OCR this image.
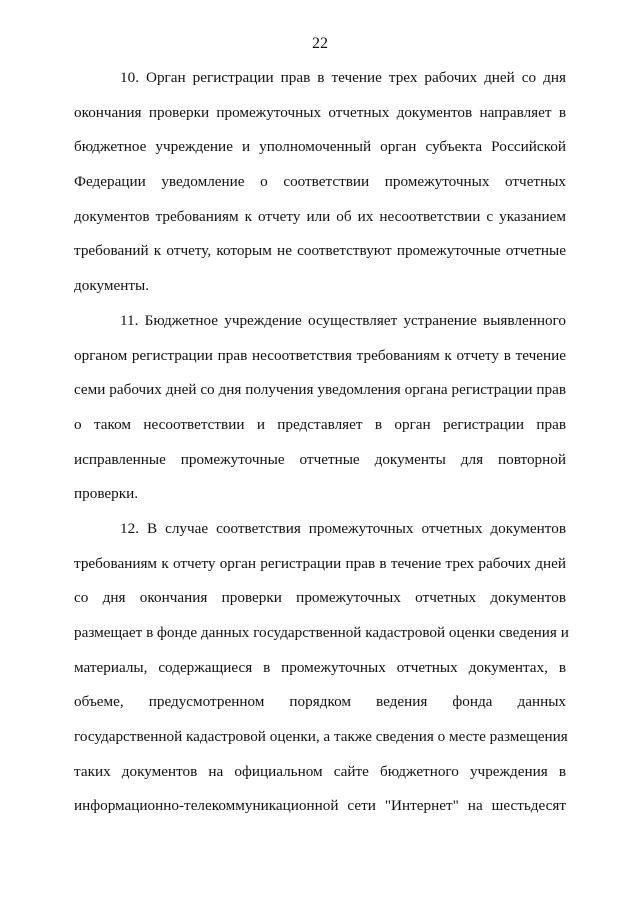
22
10. Орган регистрации прав в течение трех рабочих дней со дня
окончания проверки промежуточных отчетных документов направляет в
бюджетное учреждение и уполномоченный орган субъекта Российской
Федерации уведомление о соответствии промежуточных отчетных
документов требованиям к отчету или об их несоответствии с указанием
требований к отчету, которым не соответствуют промежуточные отчетные
документы.
11. Бюджетное учреждение осуществляет устранение выявленного
органом регистрации прав несоответствия требованиям к отчету в течение
семи рабочих дней со дня получения уведомления органа регистрации прав
о таком несоответствии и представляет в орган регистрации прав
исправленные промежуточные отчетные документы для повторной
проверки.
12. В случае соответствия промежуточных отчетных документов
требованиям к отчету орган регистрации прав в течение трех рабочих дней
со дня окончания проверки промежуточных отчетных документов
размещает в фонде данных государственной кадастровой оценки сведения и
материалы, содержащиеся в промежуточных отчетных документах, в
объеме, предусмотренном порядком ведения фонда данных
государственной кадастровой оценки, а также сведения о месте размещения
таких документов на официальном сайте бюджетного учреждения в
информационно-телекоммуникационной сети "Интернет" на шестьдесят
